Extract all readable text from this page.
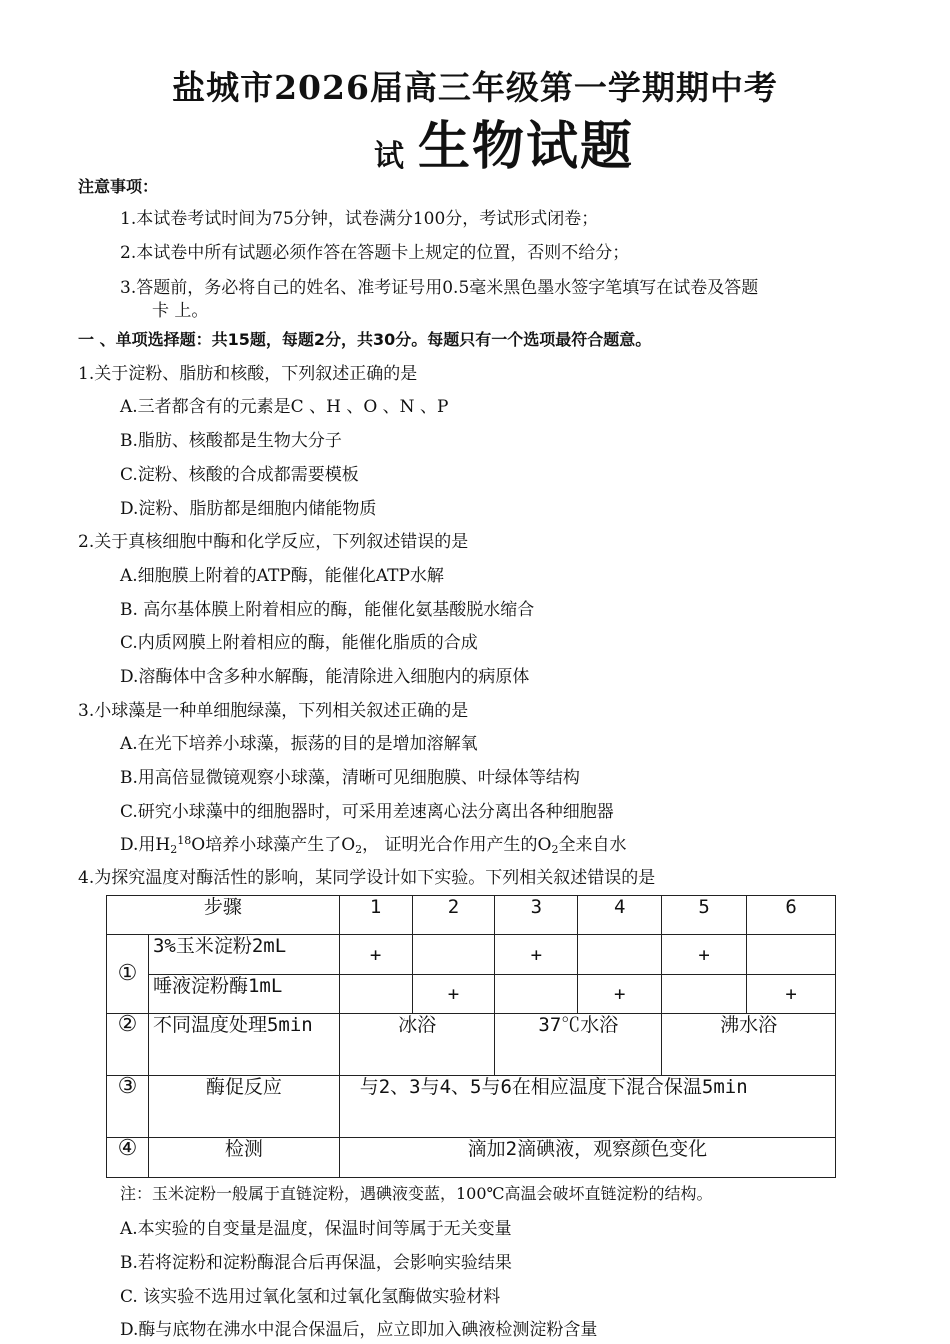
盐城市2026届高三年级第一学期期中考
试 生物试题
注意事项：
1.本试卷考试时间为75分钟，试卷满分100分，考试形式闭卷；
2.本试卷中所有试题必须作答在答题卡上规定的位置，否则不给分；
3.答题前，务必将自己的姓名、准考证号用0.5毫米黑色墨水签字笔填写在试卷及答题
卡 上。
一 、单项选择题：共15题，每题2分，共30分。每题只有一个选项最符合题意。
1.关于淀粉、脂肪和核酸，下列叙述正确的是
A.三者都含有的元素是C 、H 、O 、N 、P
B.脂肪、核酸都是生物大分子
C.淀粉、核酸的合成都需要模板
D.淀粉、脂肪都是细胞内储能物质
2.关于真核细胞中酶和化学反应，下列叙述错误的是
A.细胞膜上附着的ATP酶，能催化ATP水解
B. 高尔基体膜上附着相应的酶，能催化氨基酸脱水缩合
C.内质网膜上附着相应的酶，能催化脂质的合成
D.溶酶体中含多种水解酶，能清除进入细胞内的病原体
3.小球藻是一种单细胞绿藻，下列相关叙述正确的是
A.在光下培养小球藻，振荡的目的是增加溶解氧
B.用高倍显微镜观察小球藻，清晰可见细胞膜、叶绿体等结构
C.研究小球藻中的细胞器时，可采用差速离心法分离出各种细胞器
D.用$H_2^{18}O$培养小球藻产生了$O_2$， 证明光合作用产生的$O_2$全来自水
4.为探究温度对酶活性的影响，某同学设计如下实验。下列相关叙述错误的是
步骤		1	2	3	4	5	6
①	3%玉米淀粉2mL	+		+		+	
	唾液淀粉酶1mL		+		+		+
②	不同温度处理5min	冰浴		37℃水浴		沸水浴	
③	酶促反应	与2、3与4、5与6在相应温度下混合保温5min					
④	检测	滴加2滴碘液，观察颜色变化					
注：玉米淀粉一般属于直链淀粉，遇碘液变蓝，100℃高温会破坏直链淀粉的结构。
A.本实验的自变量是温度，保温时间等属于无关变量
B.若将淀粉和淀粉酶混合后再保温，会影响实验结果
C. 该实验不选用过氧化氢和过氧化氢酶做实验材料
D.酶与底物在沸水中混合保温后，应立即加入碘液检测淀粉含量
